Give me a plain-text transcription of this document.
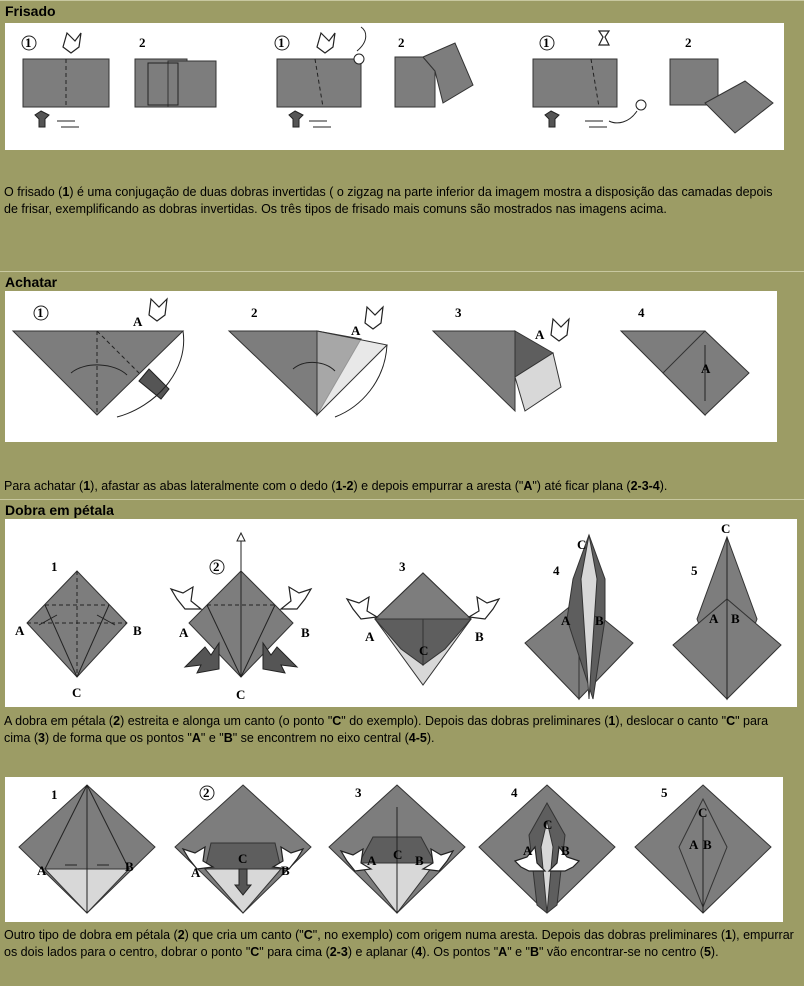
Frisado
1	2	1	2	1	2
O frisado (1) é uma conjugação de duas dobras invertidas ( o zigzag na parte inferior da imagem mostra a disposição das camadas depois de frisar, exemplificando as dobras invertidas. Os três tipos de frisado mais comuns são mostrados nas imagens acima.
Achatar
1
A
2
A
3
A
4
A
Para achatar (1), afastar as abas lateralmente com o dedo (1-2) e depois empurrar a aresta ("A") até ficar plana (2-3-4).
Dobra em pétala
1
A	B
C
2
A	B
C
3
A	B
C
4
C
A B
5
C
A B
A dobra em pétala (2) estreita e alonga um canto (o ponto "C" do exemplo). Depois das dobras preliminares (1), deslocar o canto "C" para cima (3) de forma que os pontos "A" e "B" se encontrem no eixo central (4-5).
1
A	B
2
A
C
B
3
A C B
4
C
A B
5
C
A B
Outro tipo de dobra em pétala (2) que cria um canto ("C", no exemplo) com origem numa aresta. Depois das dobras preliminares (1), empurrar os dois lados para o centro, dobrar o ponto "C" para cima (2-3) e aplanar (4). Os pontos "A" e "B" vão encontrar-se no centro (5).
